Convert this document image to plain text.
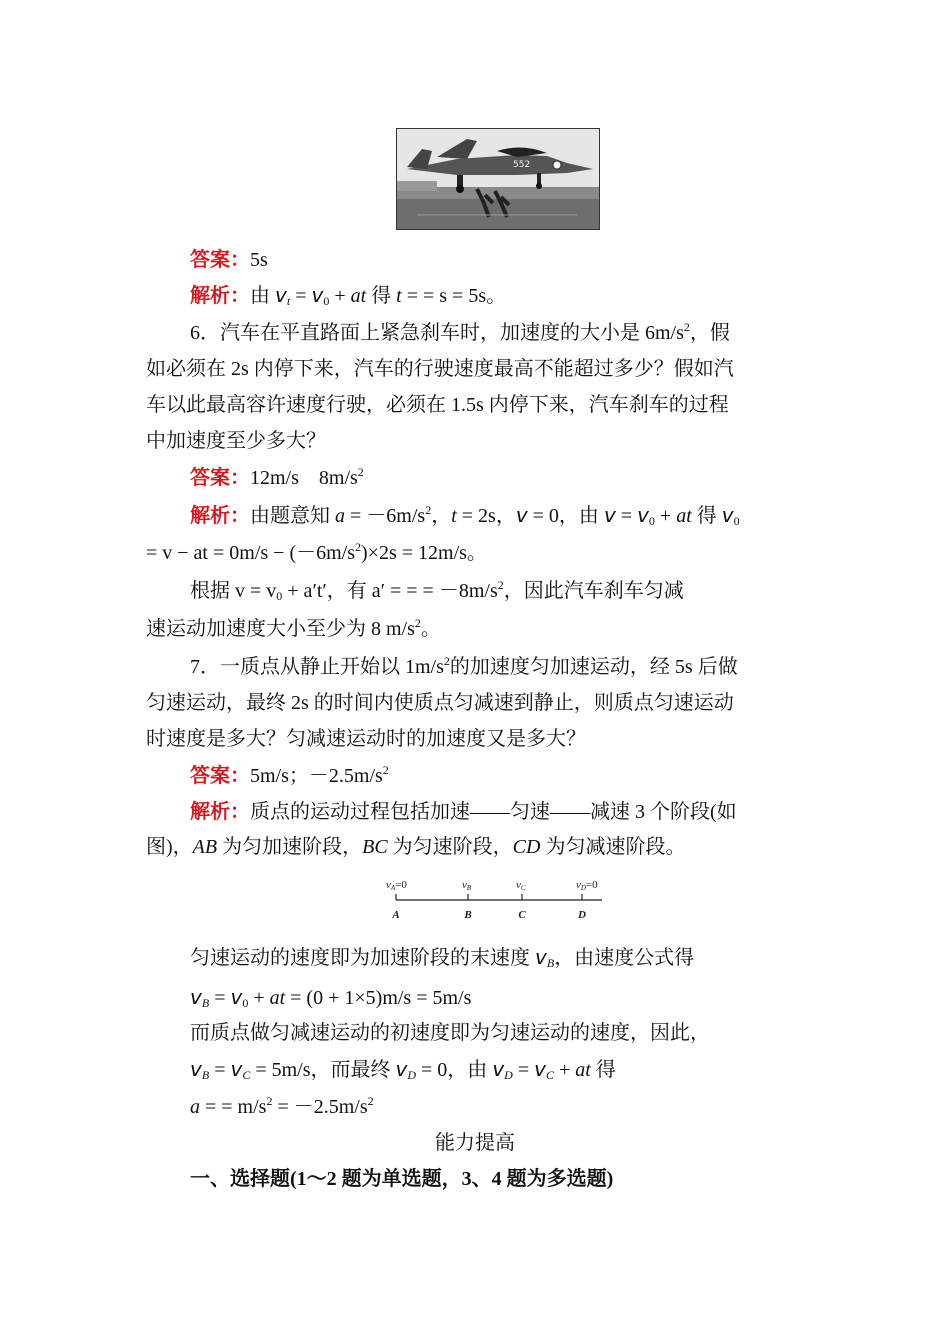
552
答案：5s
解析：由 $v_t = v_0$ + at 得 t = = s = 5s。
6．汽车在平直路面上紧急刹车时，加速度的大小是 $6m/s^2$，假
如必须在 2s 内停下来，汽车的行驶速度最高不能超过多少？假如汽
车以此最高容许速度行驶，必须在 1.5s 内停下来，汽车刹车的过程
中加速度至少多大？
答案：12m/s　$8m/s^2$
解析：由题意知 $a = -6m/s^2$，t = 2s，v = 0，由 $v = v_0$ + at 得 $v_0$
= v − at = $0m/s - (-6m/s^2)\times 2s = 12m/s$。
根据 $v = v_0 + a't'$，有 a′ = = = $-8m/s^2$，因此汽车刹车匀减
速运动加速度大小至少为 8 $m/s^2$。
7．一质点从静止开始以 $1m/s^2$的加速度匀加速运动，经 5s 后做
匀速运动，最终 2s 的时间内使质点匀减速到静止，则质点匀速运动
时速度是多大？匀减速运动时的加速度又是多大？
答案：5m/s；$-2.5m/s^2$
解析：质点的运动过程包括加速——匀速——减速 3 个阶段(如
图)，AB 为匀加速阶段，BC 为匀速阶段，CD 为匀减速阶段。
vA=0	vB	vC	vD=0
A	B	C	D
匀速运动的速度即为加速阶段的末速度 $v_B$，由速度公式得
$v_B = v_0$ + at = (0 + 1×5)m/s = 5m/s
而质点做匀减速运动的初速度即为匀速运动的速度，因此，
$v_B = v_C = 5m/s$，而最终 $v_D = 0$，由 $v_D = v_C$ + at 得
a = = $m/s^2 = -2.5m/s^2$
能力提高
一、选择题(1～2 题为单选题，3、4 题为多选题)
